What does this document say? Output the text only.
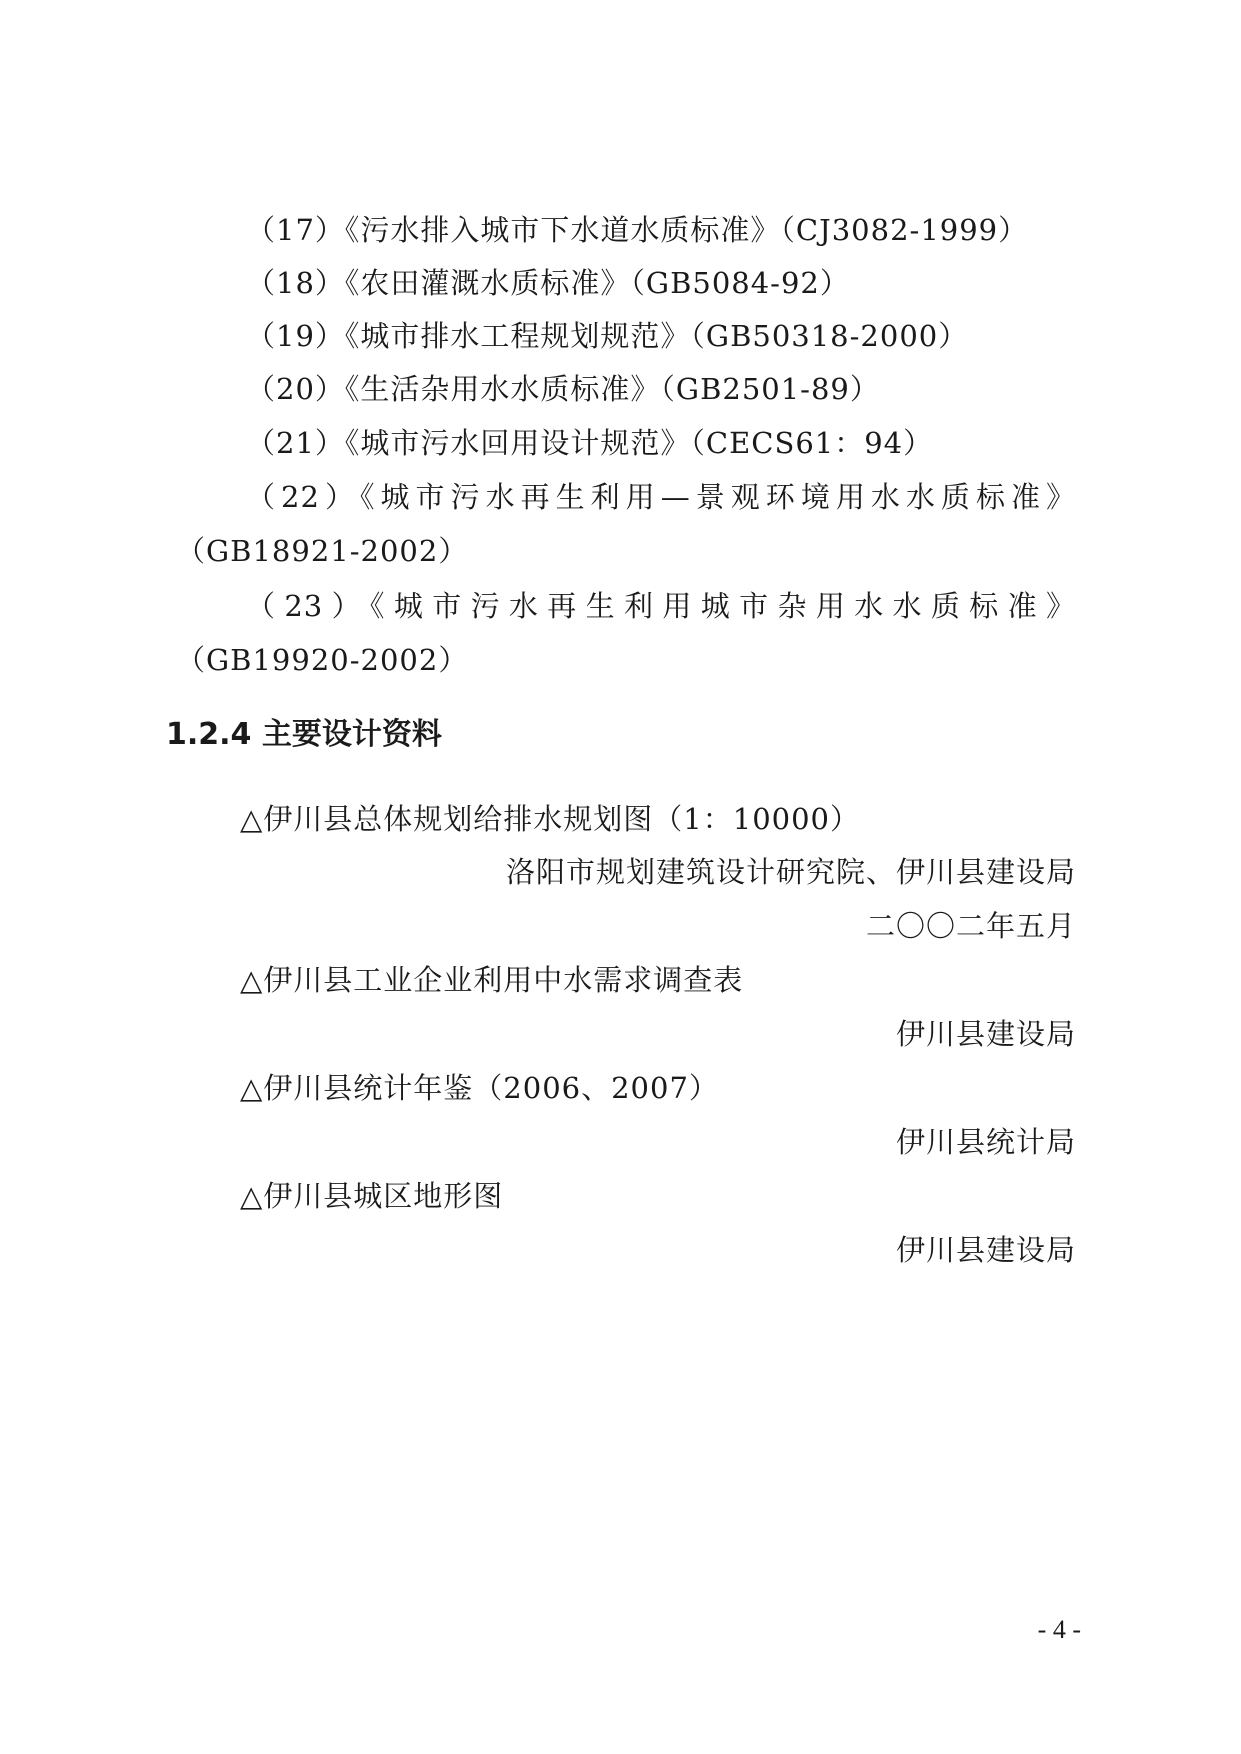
（17）《污水排入城市下水道水质标准》（CJ3082-1999）
（18）《农田灌溉水质标准》（GB5084-92）
（19）《城市排水工程规划规范》（GB50318-2000）
（20）《生活杂用水水质标准》（GB2501-89）
（21）《城市污水回用设计规范》（CECS61：94）
（22）《城市污水再生利用—景观环境用水水质标准》
（GB18921-2002）
（23）《城市污水再生利用城市杂用水水质标准》
（GB19920-2002）
1.2.4 主要设计资料
△伊川县总体规划给排水规划图（1：10000）
洛阳市规划建筑设计研究院、伊川县建设局
二〇〇二年五月
△伊川县工业企业利用中水需求调查表
伊川县建设局
△伊川县统计年鉴（2006、2007）
伊川县统计局
△伊川县城区地形图
伊川县建设局
- 4 -
